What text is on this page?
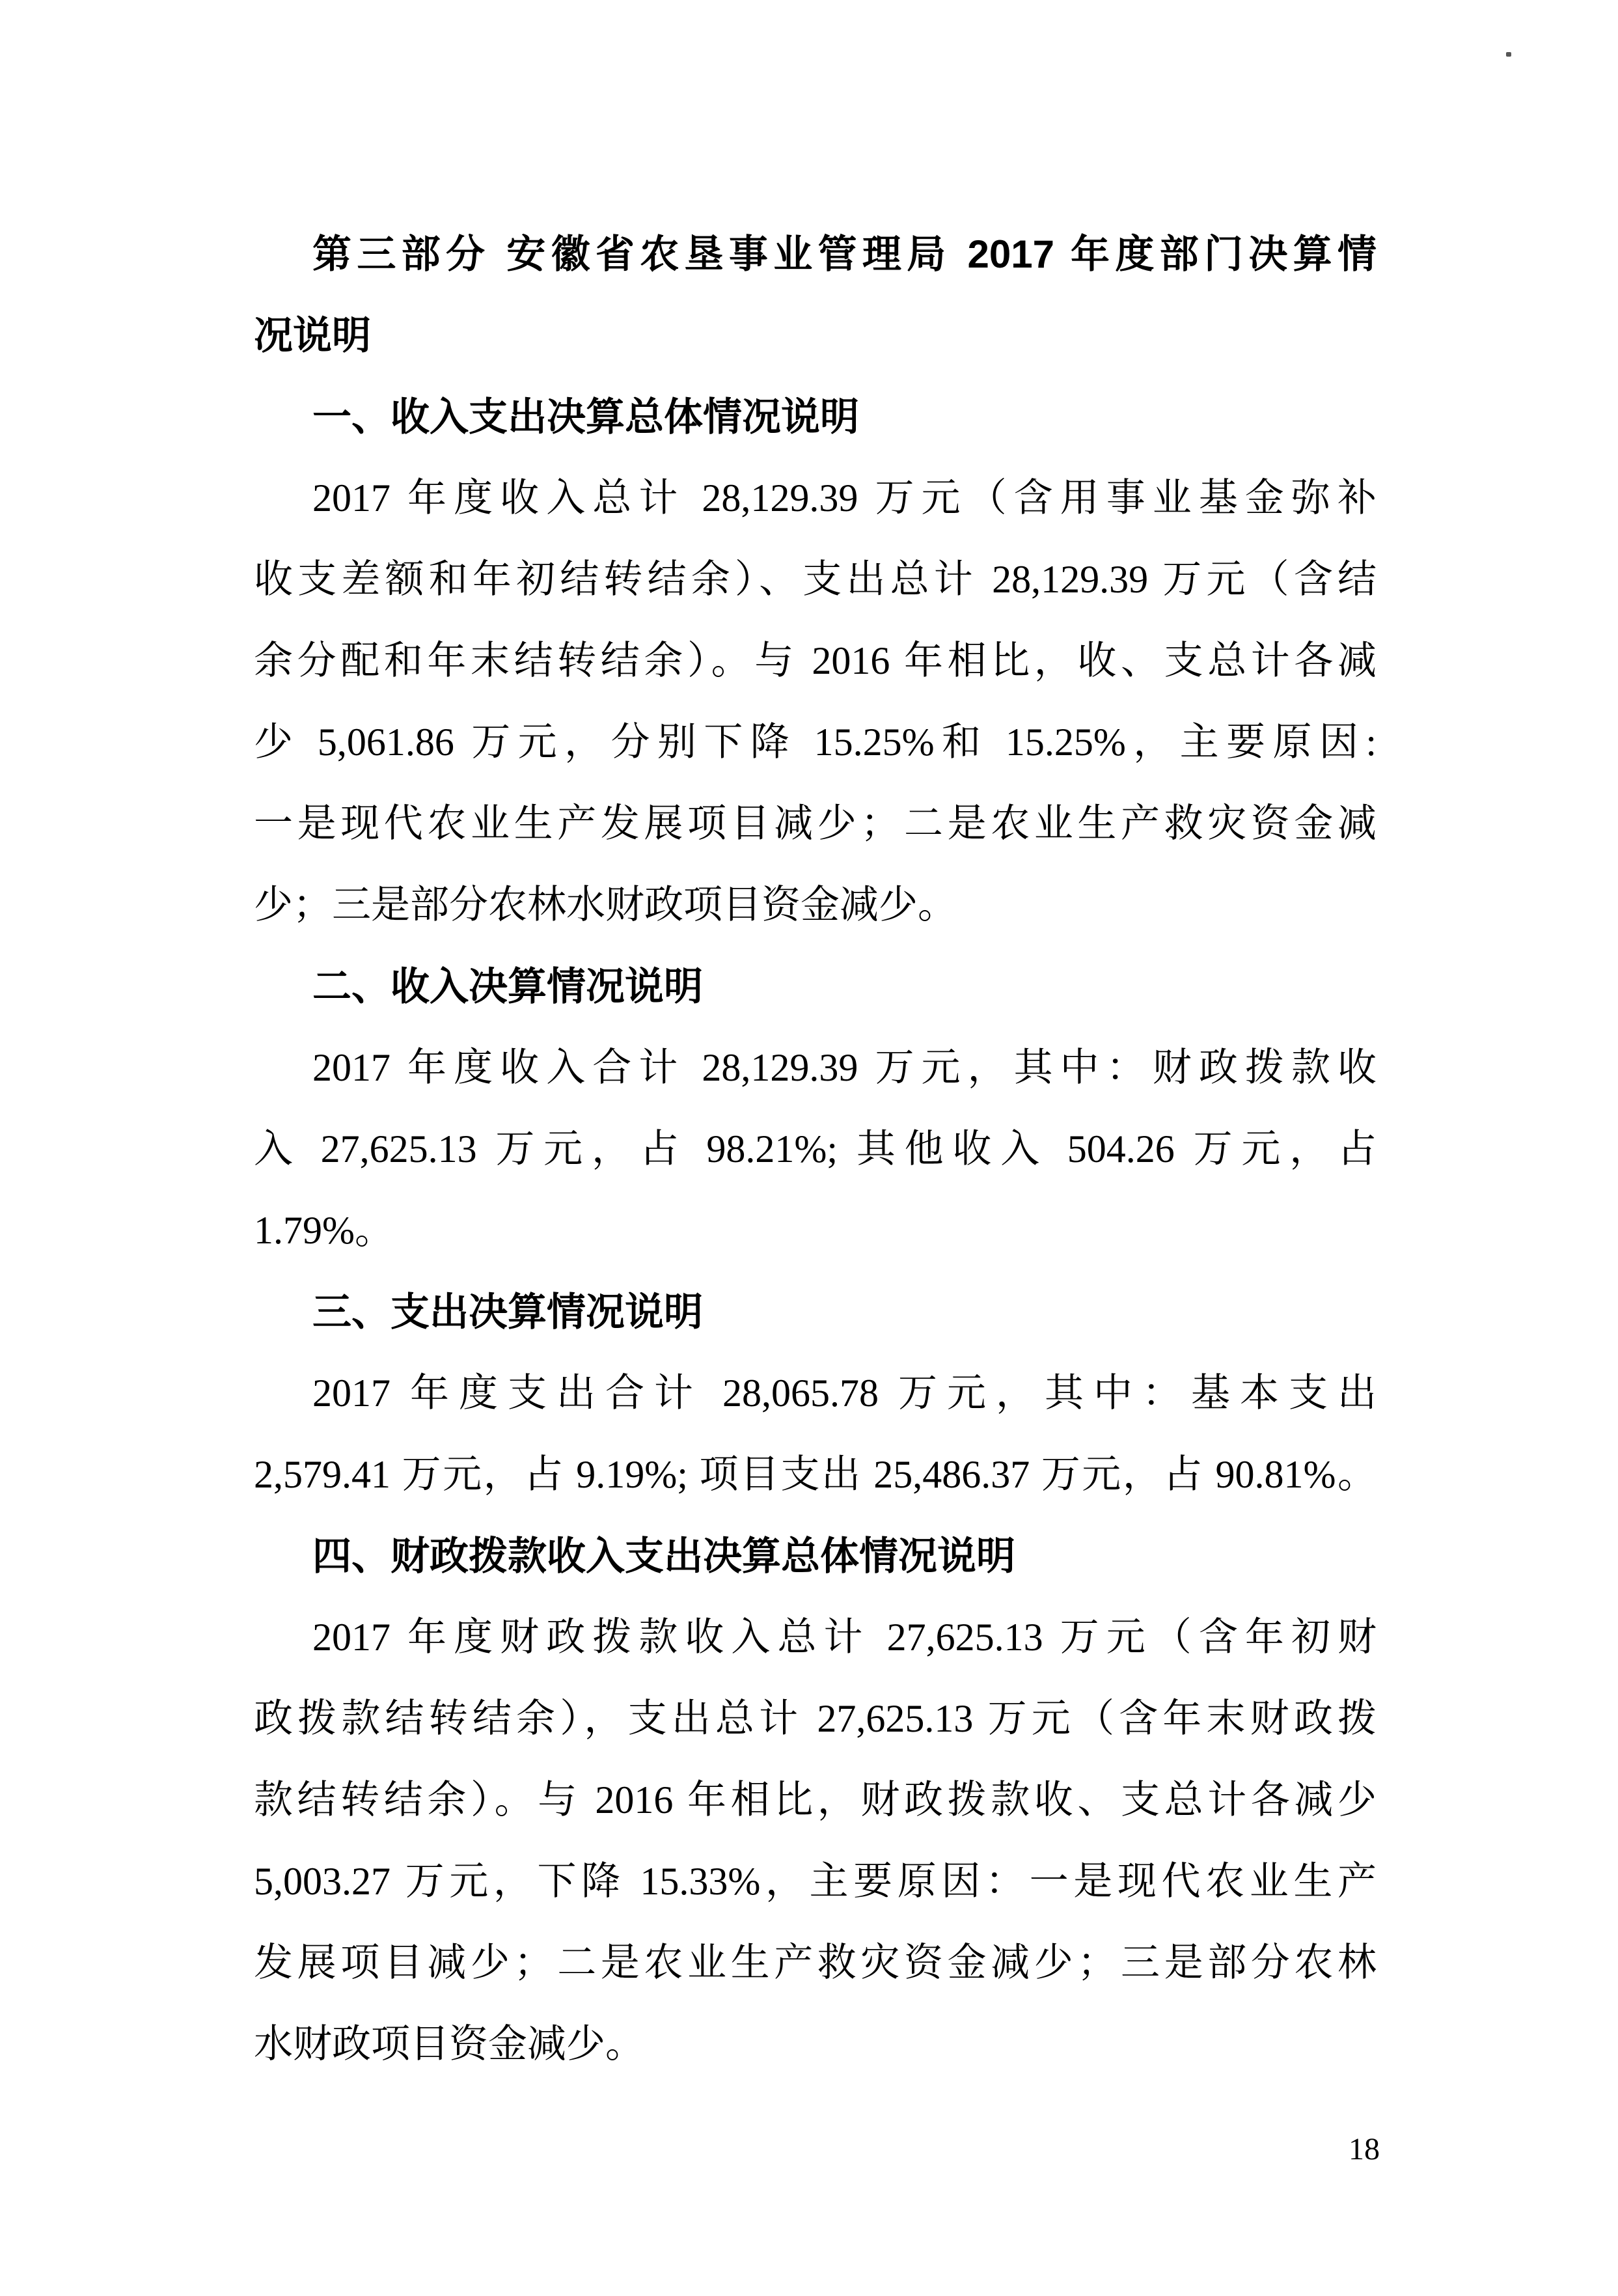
第三部分 安徽省农垦事业管理局 2017 年度部门决算情
况说明
一、收入支出决算总体情况说明
2017 年度收入总计 28,129.39 万元（含用事业基金弥补
收支差额和年初结转结余）、支出总计 28,129.39 万元（含结
余分配和年末结转结余）。与 2016 年相比，收、支总计各减
少 5,061.86 万元，分别下降 15.25%和 15.25%，主要原因:
一是现代农业生产发展项目减少；二是农业生产救灾资金减
少；三是部分农林水财政项目资金减少。
二、收入决算情况说明
2017 年度收入合计 28,129.39 万元，其中：财政拨款收
入 27,625.13 万元，占 98.21%; 其他收入 504.26 万元，占
1.79%。
三、支出决算情况说明
2017 年度支出合计 28,065.78 万元，其中：基本支出
2,579.41 万元，占 9.19%; 项目支出 25,486.37 万元，占 90.81%。
四、财政拨款收入支出决算总体情况说明
2017 年度财政拨款收入总计 27,625.13 万元（含年初财
政拨款结转结余），支出总计 27,625.13 万元（含年末财政拨
款结转结余）。与 2016 年相比，财政拨款收、支总计各减少
5,003.27 万元，下降 15.33%，主要原因：一是现代农业生产
发展项目减少；二是农业生产救灾资金减少；三是部分农林
水财政项目资金减少。
18
